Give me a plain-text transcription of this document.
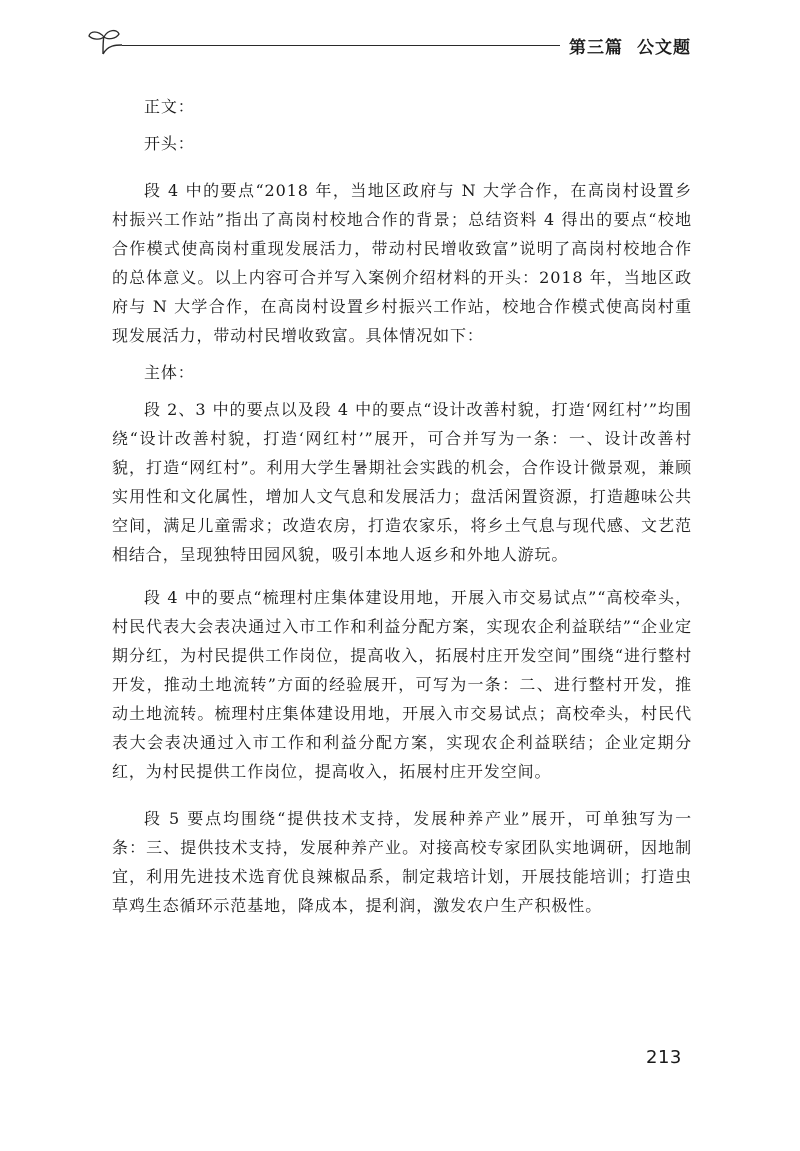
第三篇 公文题

正文：

开头：

段 4 中的要点“2018 年，当地区政府与 N 大学合作，在高岗村设置乡村振兴工作站”指出了高岗村校地合作的背景；总结资料 4 得出的要点“校地合作模式使高岗村重现发展活力，带动村民增收致富”说明了高岗村校地合作的总体意义。以上内容可合并写入案例介绍材料的开头：2018 年，当地区政府与 N 大学合作，在高岗村设置乡村振兴工作站，校地合作模式使高岗村重现发展活力，带动村民增收致富。具体情况如下：

主体：

段 2、3 中的要点以及段 4 中的要点“设计改善村貌，打造‘网红村’”均围绕“设计改善村貌，打造‘网红村’”展开，可合并写为一条：一、设计改善村貌，打造“网红村”。利用大学生暑期社会实践的机会，合作设计微景观，兼顾实用性和文化属性，增加人文气息和发展活力；盘活闲置资源，打造趣味公共空间，满足儿童需求；改造农房，打造农家乐，将乡土气息与现代感、文艺范相结合，呈现独特田园风貌，吸引本地人返乡和外地人游玩。

段 4 中的要点“梳理村庄集体建设用地，开展入市交易试点”“高校牵头，村民代表大会表决通过入市工作和利益分配方案，实现农企利益联结”“企业定期分红，为村民提供工作岗位，提高收入，拓展村庄开发空间”围绕“进行整村开发，推动土地流转”方面的经验展开，可写为一条：二、进行整村开发，推动土地流转。梳理村庄集体建设用地，开展入市交易试点；高校牵头，村民代表大会表决通过入市工作和利益分配方案，实现农企利益联结；企业定期分红，为村民提供工作岗位，提高收入，拓展村庄开发空间。

段 5 要点均围绕“提供技术支持，发展种养产业”展开，可单独写为一条：三、提供技术支持，发展种养产业。对接高校专家团队实地调研，因地制宜，利用先进技术选育优良辣椒品系，制定栽培计划，开展技能培训；打造虫草鸡生态循环示范基地，降成本，提利润，激发农户生产积极性。

213
